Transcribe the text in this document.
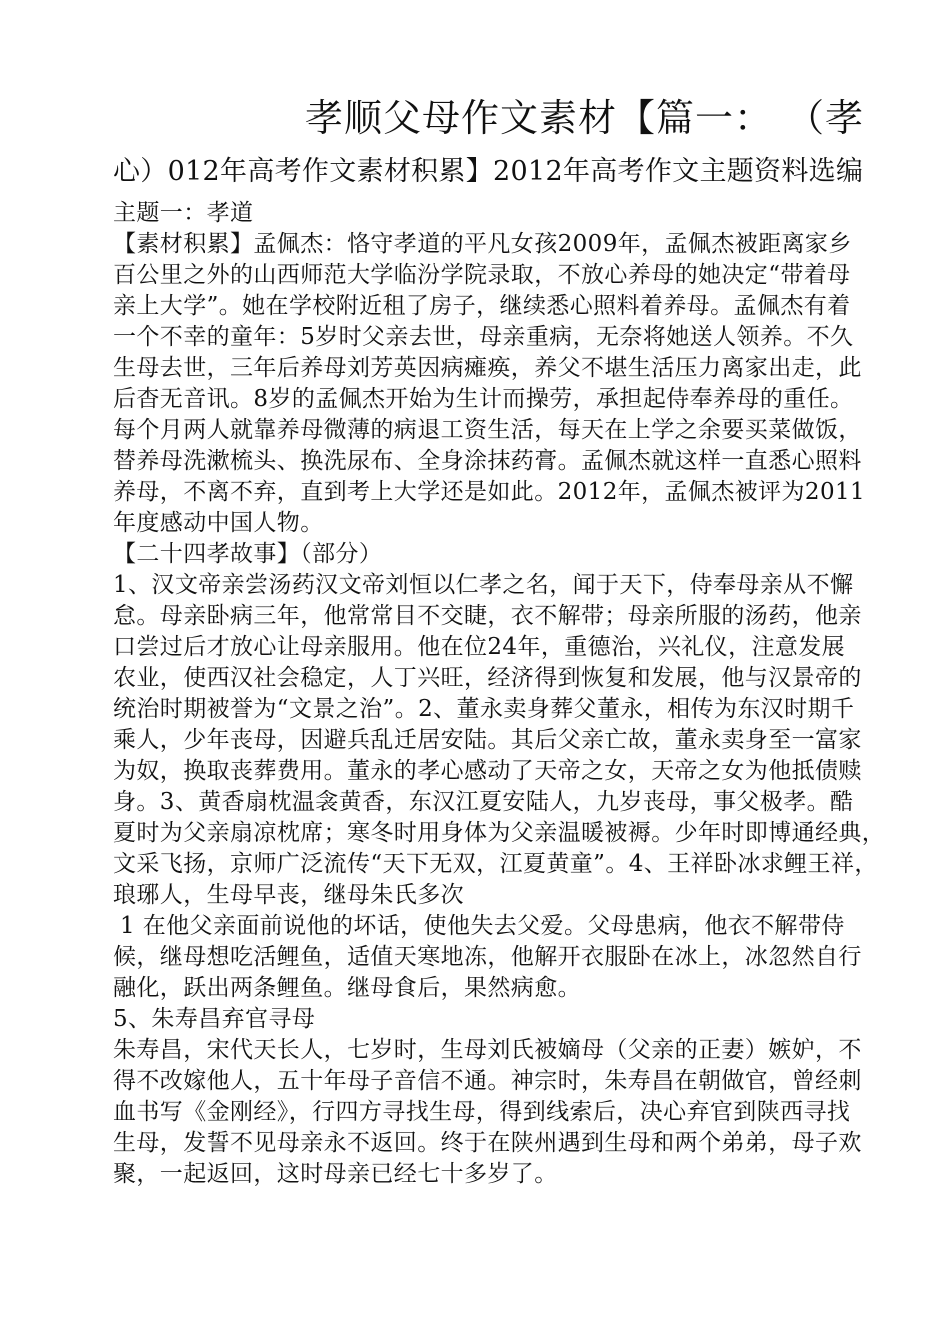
孝顺父母作文素材【篇一： （孝
心）012年高考作文素材积累】2012年高考作文主题资料选编
主题一：孝道
【素材积累】孟佩杰：恪守孝道的平凡女孩2009年，孟佩杰被距离家乡
百公里之外的山西师范大学临汾学院录取，不放心养母的她决定“带着母
亲上大学”。她在学校附近租了房子，继续悉心照料着养母。孟佩杰有着
一个不幸的童年：5岁时父亲去世，母亲重病，无奈将她送人领养。不久
生母去世，三年后养母刘芳英因病瘫痪，养父不堪生活压力离家出走，此
后杳无音讯。8岁的孟佩杰开始为生计而操劳，承担起侍奉养母的重任。
每个月两人就靠养母微薄的病退工资生活，每天在上学之余要买菜做饭，
替养母洗漱梳头、换洗尿布、全身涂抹药膏。孟佩杰就这样一直悉心照料
养母，不离不弃，直到考上大学还是如此。2012年，孟佩杰被评为2011
年度感动中国人物。
【二十四孝故事】（部分）
1、汉文帝亲尝汤药汉文帝刘恒以仁孝之名，闻于天下，侍奉母亲从不懈
怠。母亲卧病三年，他常常目不交睫，衣不解带；母亲所服的汤药，他亲
口尝过后才放心让母亲服用。他在位24年，重德治，兴礼仪，注意发展
农业，使西汉社会稳定，人丁兴旺，经济得到恢复和发展，他与汉景帝的
统治时期被誉为“文景之治”。2、董永卖身葬父董永，相传为东汉时期千
乘人，少年丧母，因避兵乱迁居安陆。其后父亲亡故，董永卖身至一富家
为奴，换取丧葬费用。董永的孝心感动了天帝之女，天帝之女为他抵债赎
身。3、黄香扇枕温衾黄香，东汉江夏安陆人，九岁丧母，事父极孝。酷
夏时为父亲扇凉枕席；寒冬时用身体为父亲温暖被褥。少年时即博通经典，
文采飞扬，京师广泛流传“天下无双，江夏黄童”。4、王祥卧冰求鲤王祥，
琅琊人，生母早丧，继母朱氏多次
1 在他父亲面前说他的坏话，使他失去父爱。父母患病，他衣不解带侍
候，继母想吃活鲤鱼，适值天寒地冻，他解开衣服卧在冰上，冰忽然自行
融化，跃出两条鲤鱼。继母食后，果然病愈。
5、朱寿昌弃官寻母
朱寿昌，宋代天长人，七岁时，生母刘氏被嫡母（父亲的正妻）嫉妒，不
得不改嫁他人，五十年母子音信不通。神宗时，朱寿昌在朝做官，曾经刺
血书写《金刚经》，行四方寻找生母，得到线索后，决心弃官到陕西寻找
生母，发誓不见母亲永不返回。终于在陕州遇到生母和两个弟弟，母子欢
聚，一起返回，这时母亲已经七十多岁了。
